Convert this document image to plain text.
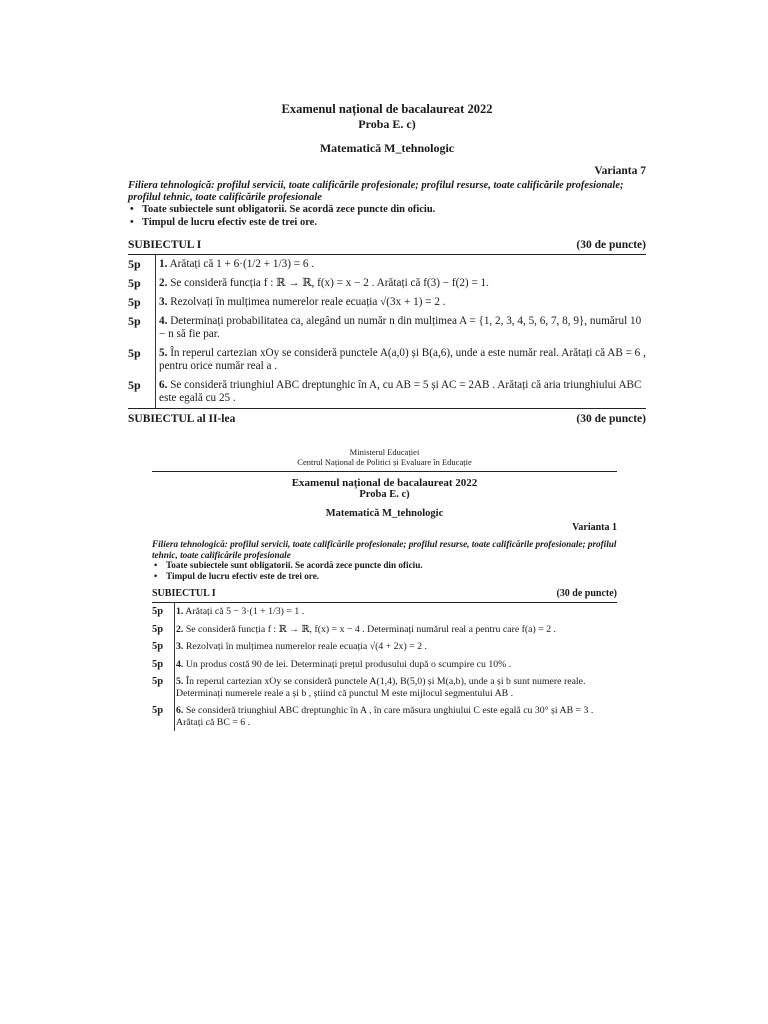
Examenul național de bacalaureat 2022
Proba E. c)
Matematică M_tehnologic
Varianta 7
Filiera tehnologică: profilul servicii, toate calificările profesionale; profilul resurse, toate calificările profesionale; profilul tehnic, toate calificările profesionale
• Toate subiectele sunt obligatorii. Se acordă zece puncte din oficiu.
• Timpul de lucru efectiv este de trei ore.
SUBIECTUL I	(30 de puncte)
5p	1. Arătați că 1 + 6·(1/2 + 1/3) = 6 .
5p	2. Se consideră funcția f : ℝ → ℝ, f(x) = x − 2 . Arătați că f(3) − f(2) = 1.
5p	3. Rezolvați în mulțimea numerelor reale ecuația √(3x + 1) = 2 .
5p	4. Determinați probabilitatea ca, alegând un număr n din mulțimea A = {1, 2, 3, 4, 5, 6, 7, 8, 9}, numărul 10 − n să fie par.
5p	5. În reperul cartezian xOy se consideră punctele A(a,0) și B(a,6), unde a este număr real. Arătați că AB = 6 , pentru orice număr real a .
5p	6. Se consideră triunghiul ABC dreptunghic în A, cu AB = 5 și AC = 2AB . Arătați că aria triunghiului ABC este egală cu 25 .
SUBIECTUL al II-lea	(30 de puncte)
Ministerul Educației
Centrul Național de Politici și Evaluare în Educație
Examenul național de bacalaureat 2022
Proba E. c)
Matematică M_tehnologic
Varianta 1
Filiera tehnologică: profilul servicii, toate calificările profesionale; profilul resurse, toate calificările profesionale; profilul tehnic, toate calificările profesionale
• Toate subiectele sunt obligatorii. Se acordă zece puncte din oficiu.
• Timpul de lucru efectiv este de trei ore.
SUBIECTUL I	(30 de puncte)
5p	1. Arătați că 5 − 3·(1 + 1/3) = 1 .
5p	2. Se consideră funcția f : ℝ → ℝ, f(x) = x − 4 . Determinați numărul real a pentru care f(a) = 2 .
5p	3. Rezolvați în mulțimea numerelor reale ecuația √(4 + 2x) = 2 .
5p	4. Un produs costă 90 de lei. Determinați prețul produsului după o scumpire cu 10% .
5p	5. În reperul cartezian xOy se consideră punctele A(1,4), B(5,0) și M(a,b), unde a și b sunt numere reale. Determinați numerele reale a și b , știind că punctul M este mijlocul segmentului AB .
5p	6. Se consideră triunghiul ABC dreptunghic în A , în care măsura unghiului C este egală cu 30° și AB = 3 . Arătați că BC = 6 .
